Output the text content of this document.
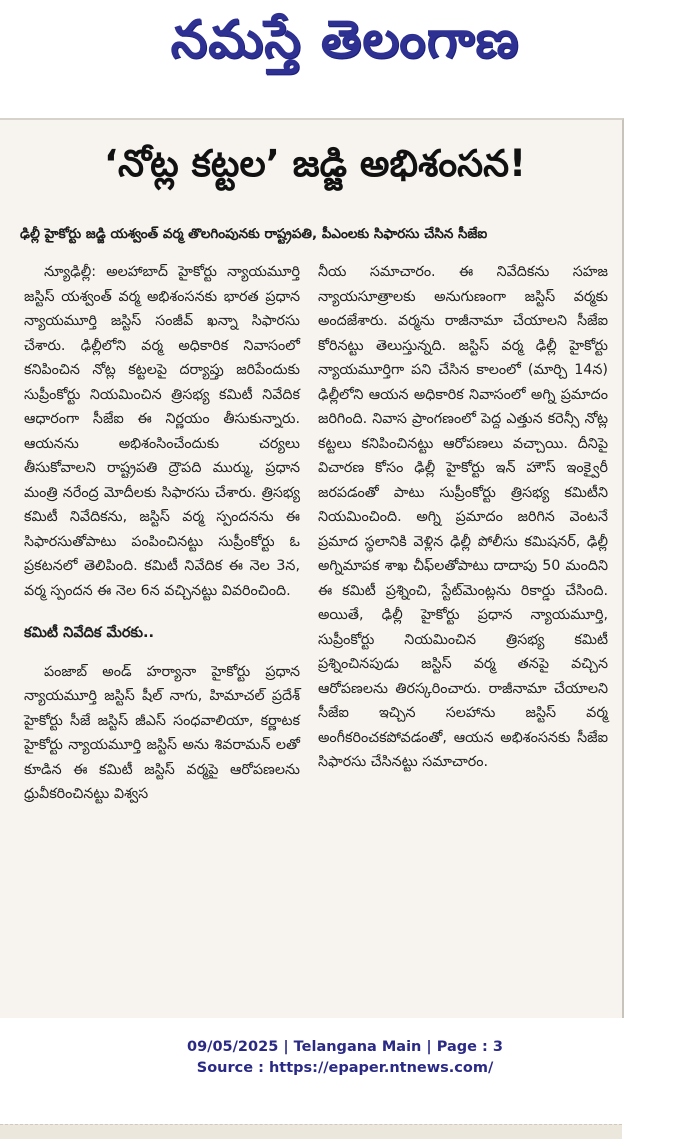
నమస్తే తెలంగాణ
‘నోట్ల కట్టల’ జడ్జి అభిశంసన!
ఢిల్లీ హైకోర్టు జడ్జి యశ్వంత్ వర్మ తొలగింపునకు రాష్ట్రపతి, పీఎంలకు సిఫారసు చేసిన సీజేఐ

న్యూఢిల్లీ: అలహాబాద్ హైకోర్టు న్యాయమూర్తి జస్టిస్ యశ్వంత్ వర్మ అభిశంసనకు భారత ప్రధాన న్యాయమూర్తి జస్టిస్ సంజీవ్ ఖన్నా సిఫారసు చేశారు. ఢిల్లీలోని వర్మ అధికారిక నివాసంలో కనిపించిన నోట్ల కట్టలపై దర్యాప్తు జరిపేందుకు సుప్రీంకోర్టు నియమించిన త్రిసభ్య కమిటీ నివేదిక ఆధారంగా సీజేఐ ఈ నిర్ణయం తీసుకున్నారు. ఆయనను అభిశంసించేందుకు చర్యలు తీసుకోవాలని రాష్ట్రపతి ద్రౌపది ముర్ము, ప్రధాన మంత్రి నరేంద్ర మోదీలకు సిఫారసు చేశారు. త్రిసభ్య కమిటీ నివేదికను, జస్టిస్ వర్మ స్పందనను ఈ సిఫారసుతోపాటు పంపించినట్టు సుప్రీంకోర్టు ఓ ప్రకటనలో తెలిపింది. కమిటీ నివేదిక ఈ నెల 3న, వర్మ స్పందన ఈ నెల 6న వచ్చినట్టు వివరించింది.

కమిటీ నివేదిక మేరకు..

పంజాబ్ అండ్ హర్యానా హైకోర్టు ప్రధాన న్యాయమూర్తి జస్టిస్ షీల్ నాగు, హిమాచల్ ప్రదేశ్ హైకోర్టు సీజే జస్టిస్ జీఎస్ సంధవాలియా, కర్ణాటక హైకోర్టు న్యాయమూర్తి జస్టిస్ అను శివరామన్ లతో కూడిన ఈ కమిటీ జస్టిస్ వర్మపై ఆరోపణలను ధ్రువీకరించినట్టు విశ్వస

నీయ సమాచారం. ఈ నివేదికను సహజ న్యాయసూత్రాలకు అనుగుణంగా జస్టిస్ వర్మకు అందజేశారు. వర్మను రాజీనామా చేయాలని సీజేఐ కోరినట్టు తెలుస్తున్నది. జస్టిస్ వర్మ ఢిల్లీ హైకోర్టు న్యాయమూర్తిగా పని చేసిన కాలంలో (మార్చి 14న) ఢిల్లీలోని ఆయన అధికారిక నివాసంలో అగ్ని ప్రమాదం జరిగింది. నివాస ప్రాంగణంలో పెద్ద ఎత్తున కరెన్సీ నోట్ల కట్టలు కనిపించినట్టు ఆరోపణలు వచ్చాయి. దీనిపై విచారణ కోసం ఢిల్లీ హైకోర్టు ఇన్ హౌస్ ఇంక్వైరీ జరపడంతో పాటు సుప్రీంకోర్టు త్రిసభ్య కమిటీని నియమించింది. అగ్ని ప్రమాదం జరిగిన వెంటనే ప్రమాద స్థలానికి వెళ్లిన ఢిల్లీ పోలీసు కమిషనర్, ఢిల్లీ అగ్నిమాపక శాఖ చీఫ్‌లతోపాటు దాదాపు 50 మందిని ఈ కమిటీ ప్రశ్నించి, స్టేట్‌మెంట్లను రికార్డు చేసింది. అయితే, ఢిల్లీ హైకోర్టు ప్రధాన న్యాయమూర్తి, సుప్రీంకోర్టు నియమించిన త్రిసభ్య కమిటీ ప్రశ్నించినపుడు జస్టిస్ వర్మ తనపై వచ్చిన ఆరోపణలను తిరస్కరించారు. రాజీనామా చేయాలని సీజేఐ ఇచ్చిన సలహాను జస్టిస్ వర్మ అంగీకరించకపోవడంతో, ఆయన అభిశంసనకు సీజేఐ సిఫారసు చేసినట్టు సమాచారం.

09/05/2025 | Telangana Main | Page : 3
Source : https://epaper.ntnews.com/
